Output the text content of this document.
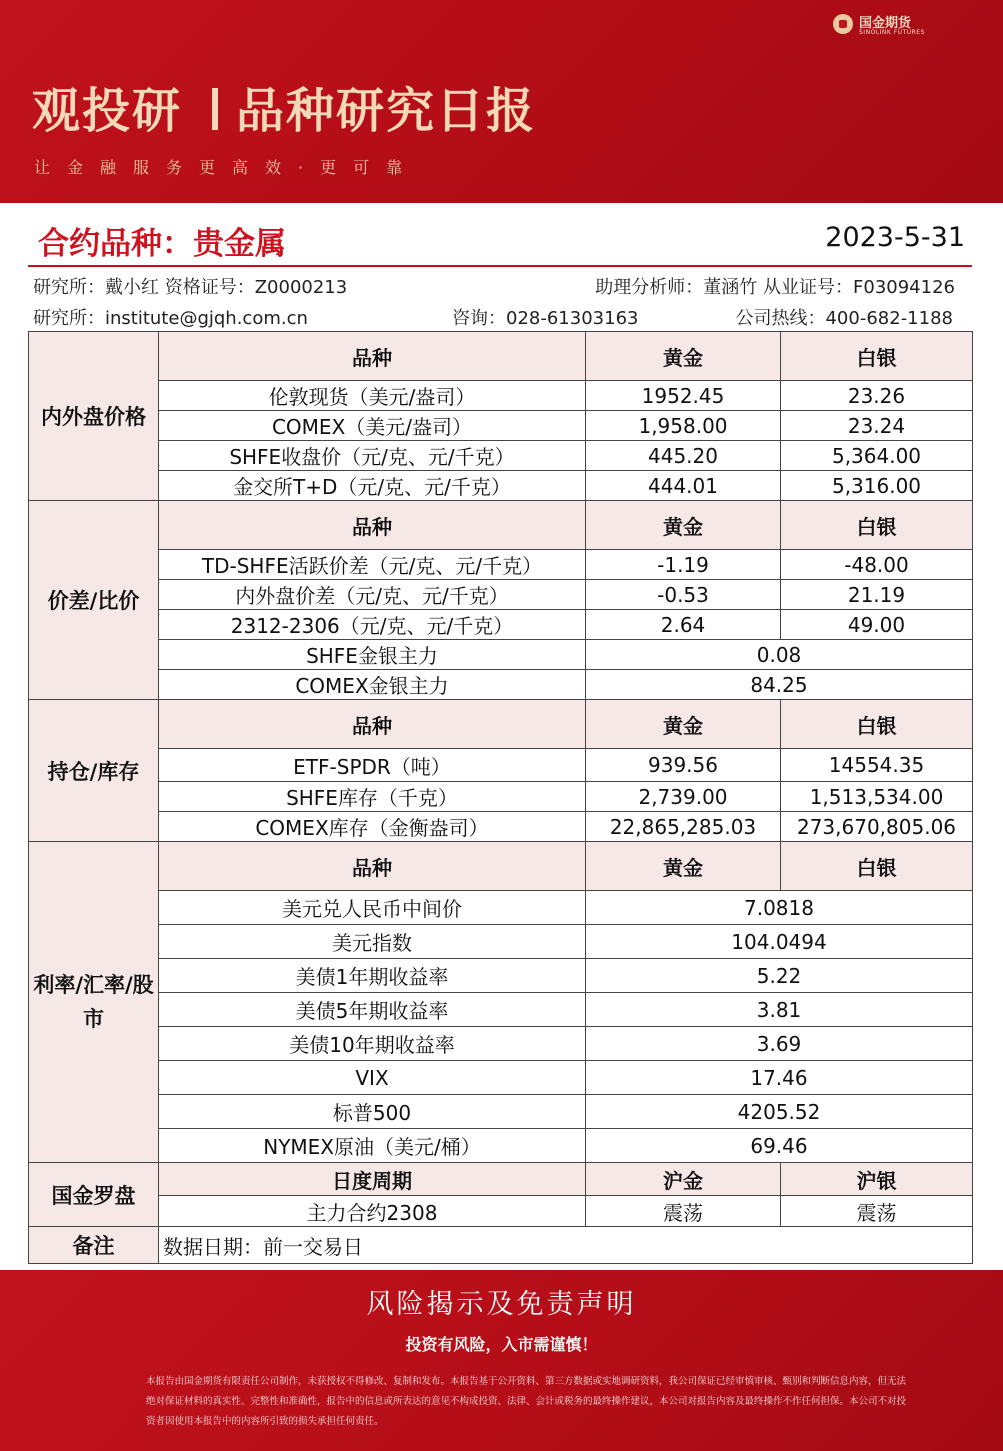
国金期货
SINOLINK FUTURES
观投研 品种研究日报
让金融服务更高效·更可靠
合约品种：贵金属	2023-5-31
研究所：戴小红 资格证号：Z0000213	助理分析师：董涵竹 从业证号：F03094126
研究所：institute@gjqh.com.cn	咨询：028-61303163	公司热线：400-682-1188
内外盘价格	品种	黄金	白银
	伦敦现货（美元/盎司）	1952.45	23.26
	COMEX（美元/盎司）	1,958.00	23.24
	SHFE收盘价（元/克、元/千克）	445.20	5,364.00
	金交所T+D（元/克、元/千克）	444.01	5,316.00
价差/比价	品种	黄金	白银
	TD-SHFE活跃价差（元/克、元/千克）	-1.19	-48.00
	内外盘价差（元/克、元/千克）	-0.53	21.19
	2312-2306（元/克、元/千克）	2.64	49.00
	SHFE金银主力	0.08	
	COMEX金银主力	84.25	
持仓/库存	品种	黄金	白银
	ETF-SPDR（吨）	939.56	14554.35
	SHFE库存（千克）	2,739.00	1,513,534.00
	COMEX库存（金衡盎司）	22,865,285.03	273,670,805.06
利率/汇率/股市	品种	黄金	白银
	美元兑人民币中间价	7.0818	
	美元指数	104.0494	
	美债1年期收益率	5.22	
	美债5年期收益率	3.81	
	美债10年期收益率	3.69	
	VIX	17.46	
	标普500	4205.52	
	NYMEX原油（美元/桶）	69.46	
国金罗盘	日度周期	沪金	沪银
	主力合约2308	震荡	震荡
备注	数据日期：前一交易日		
风险揭示及免责声明
投资有风险，入市需谨慎！
本报告由国金期货有限责任公司制作，未获授权不得修改、复制和发布。本报告基于公开资料、第三方数据或实地调研资料，我公司保证已经审慎审核、甄别和判断信息内容，但无法绝对保证材料的真实性、完整性和准确性，报告中的信息或所表达的意见不构成投资、法律、会计或税务的最终操作建议，本公司对报告内容及最终操作不作任何担保。本公司不对投资者因使用本报告中的内容所引致的损失承担任何责任。
